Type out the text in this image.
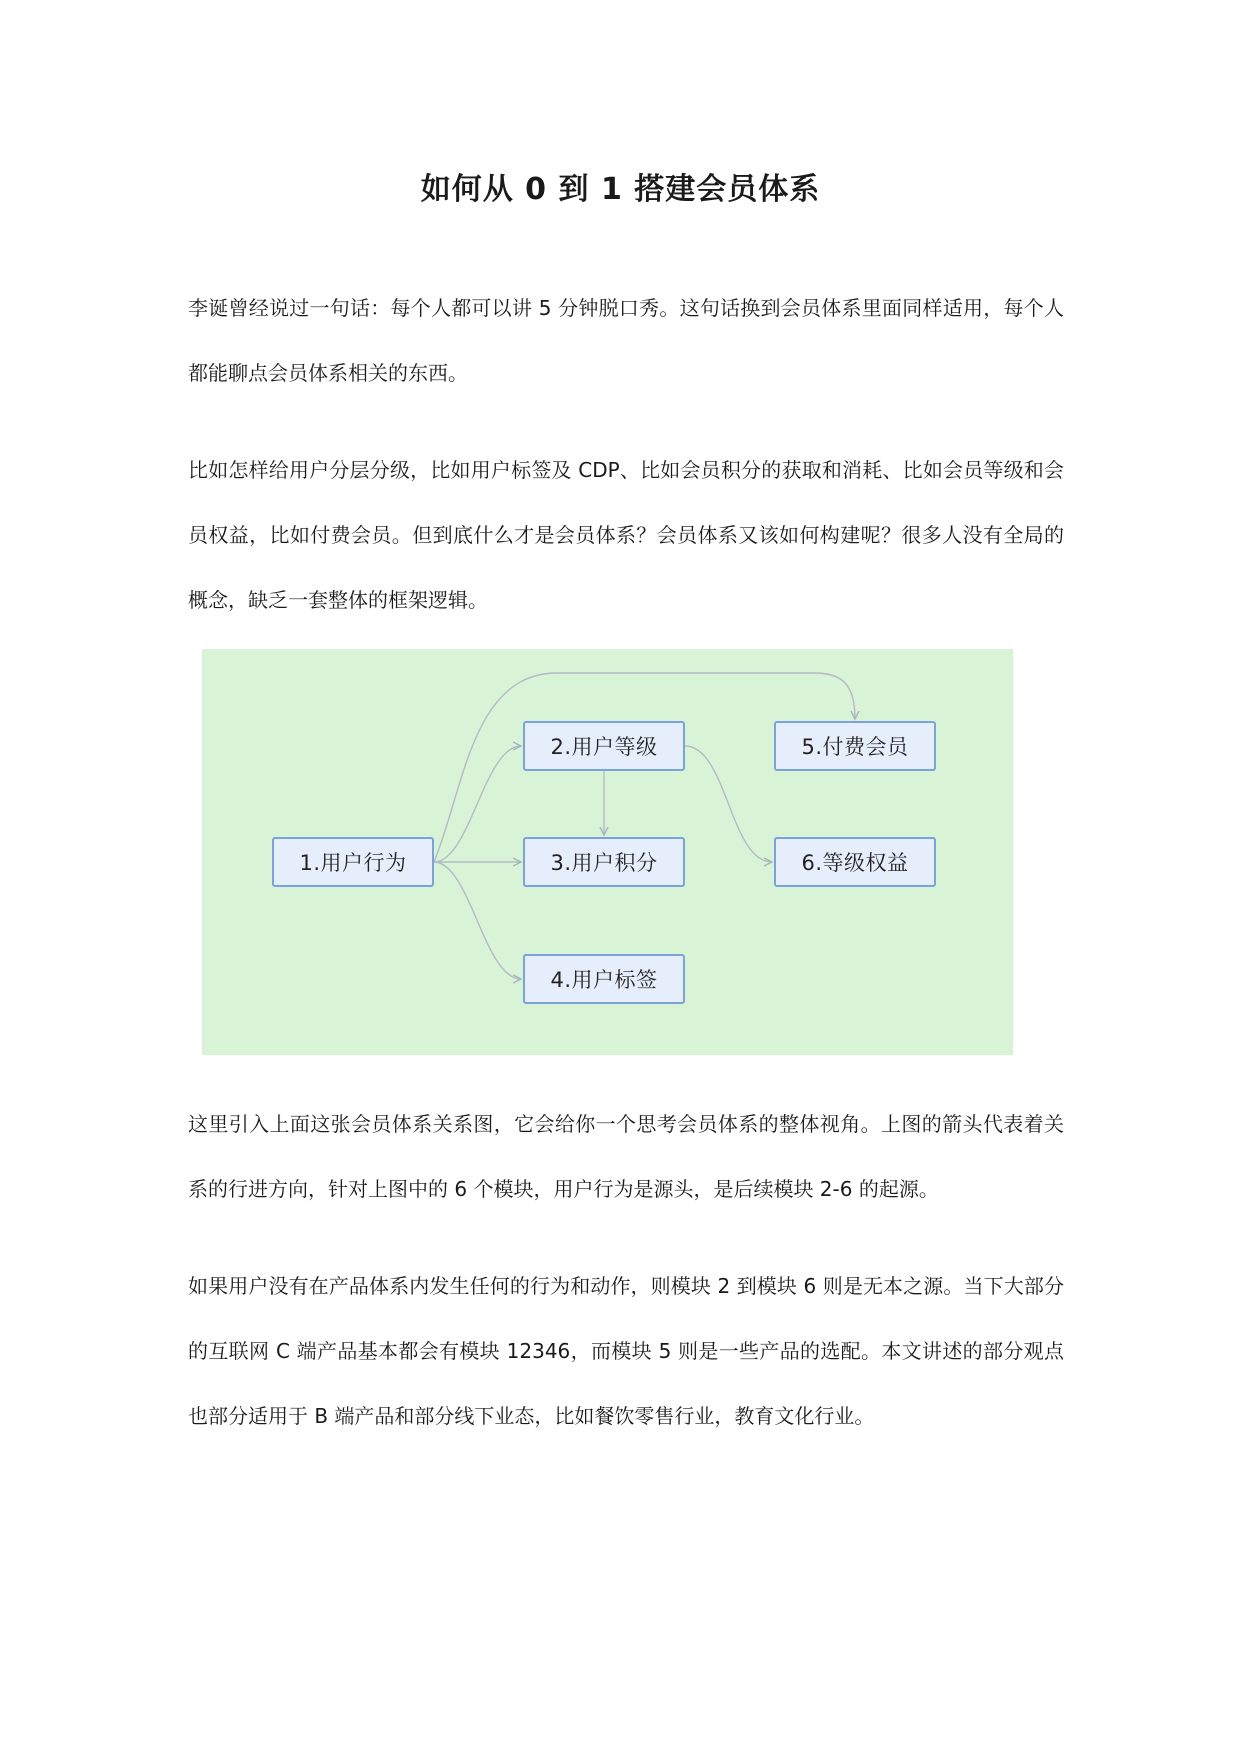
如何从 0 到 1 搭建会员体系

李诞曾经说过一句话：每个人都可以讲 5 分钟脱口秀。这句话换到会员体系里面同样适用，每个人都能聊点会员体系相关的东西。

比如怎样给用户分层分级，比如用户标签及 CDP、比如会员积分的获取和消耗、比如会员等级和会员权益，比如付费会员。但到底什么才是会员体系？会员体系又该如何构建呢？很多人没有全局的概念，缺乏一套整体的框架逻辑。

1.用户行为
2.用户等级
3.用户积分
4.用户标签
5.付费会员
6.等级权益

这里引入上面这张会员体系关系图，它会给你一个思考会员体系的整体视角。上图的箭头代表着关系的行进方向，针对上图中的 6 个模块，用户行为是源头，是后续模块 2-6 的起源。

如果用户没有在产品体系内发生任何的行为和动作，则模块 2 到模块 6 则是无本之源。当下大部分的互联网 C 端产品基本都会有模块 12346，而模块 5 则是一些产品的选配。本文讲述的部分观点也部分适用于 B 端产品和部分线下业态，比如餐饮零售行业，教育文化行业。
